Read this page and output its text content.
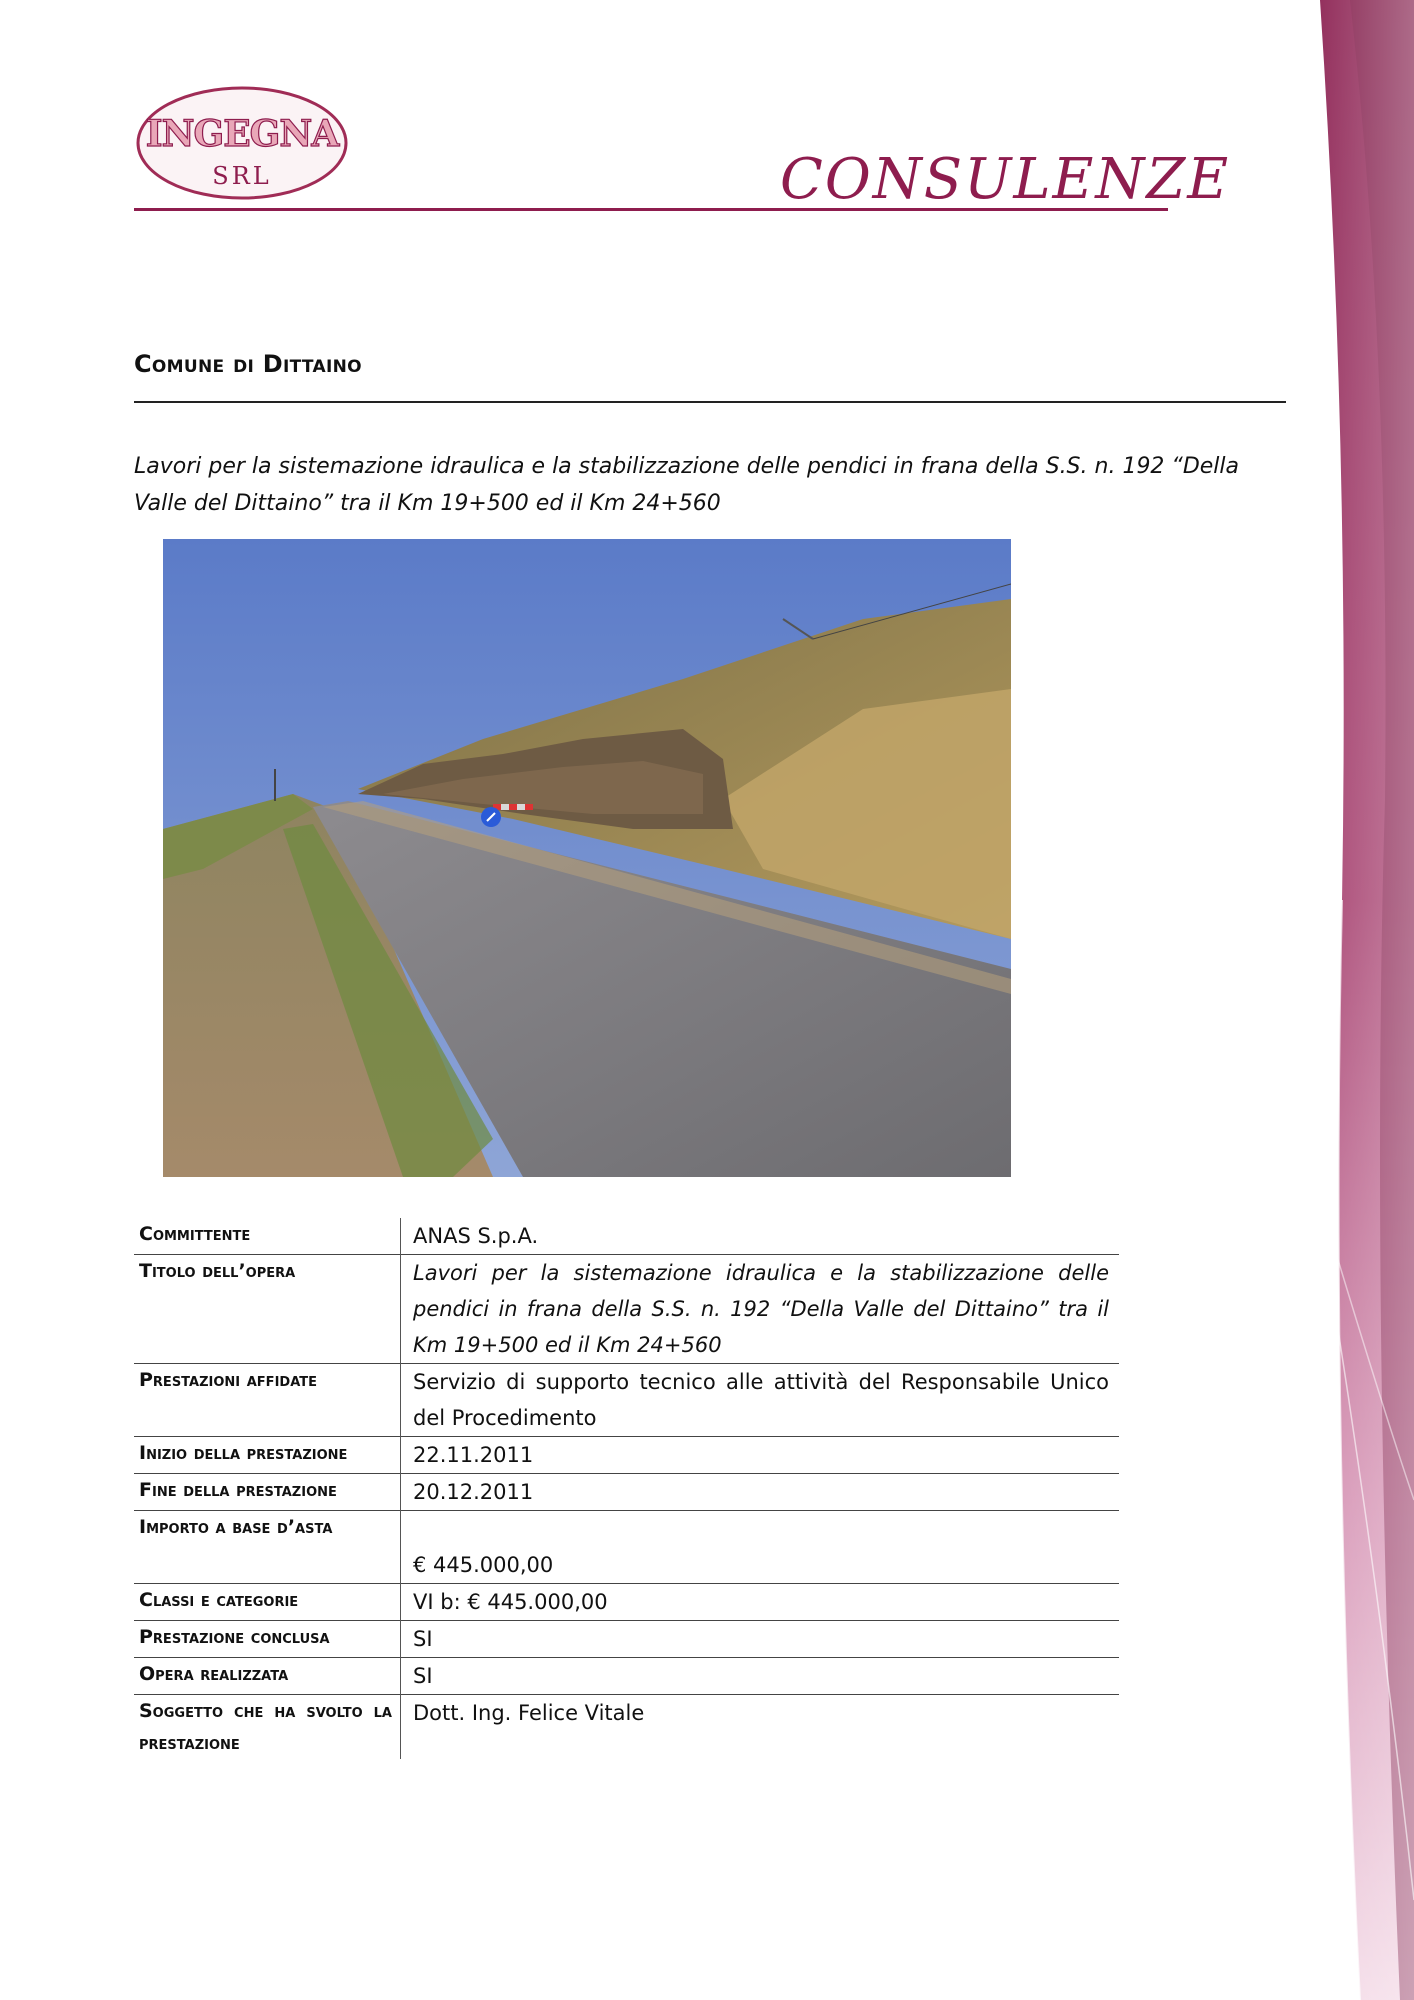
INGEGNA
SRL	CONSULENZE
Comune di Dittaino
Lavori per la sistemazione idraulica e la stabilizzazione delle pendici in frana della S.S. n. 192 “Della Valle del Dittaino” tra il Km 19+500 ed il Km 24+560
Committente	ANAS S.p.A.
Titolo dell’opera	Lavori per la sistemazione idraulica e la stabilizzazione delle pendici in frana della S.S. n. 192 “Della Valle del Dittaino” tra il Km 19+500 ed il Km 24+560
Prestazioni affidate	Servizio di supporto tecnico alle attività del Responsabile Unico del Procedimento
Inizio della prestazione	22.11.2011
Fine della prestazione	20.12.2011
Importo a base d’asta	€ 445.000,00
Classi e categorie	VI b: € 445.000,00
Prestazione conclusa	SI
Opera realizzata	SI
Soggetto che ha svolto la prestazione	Dott. Ing. Felice Vitale
